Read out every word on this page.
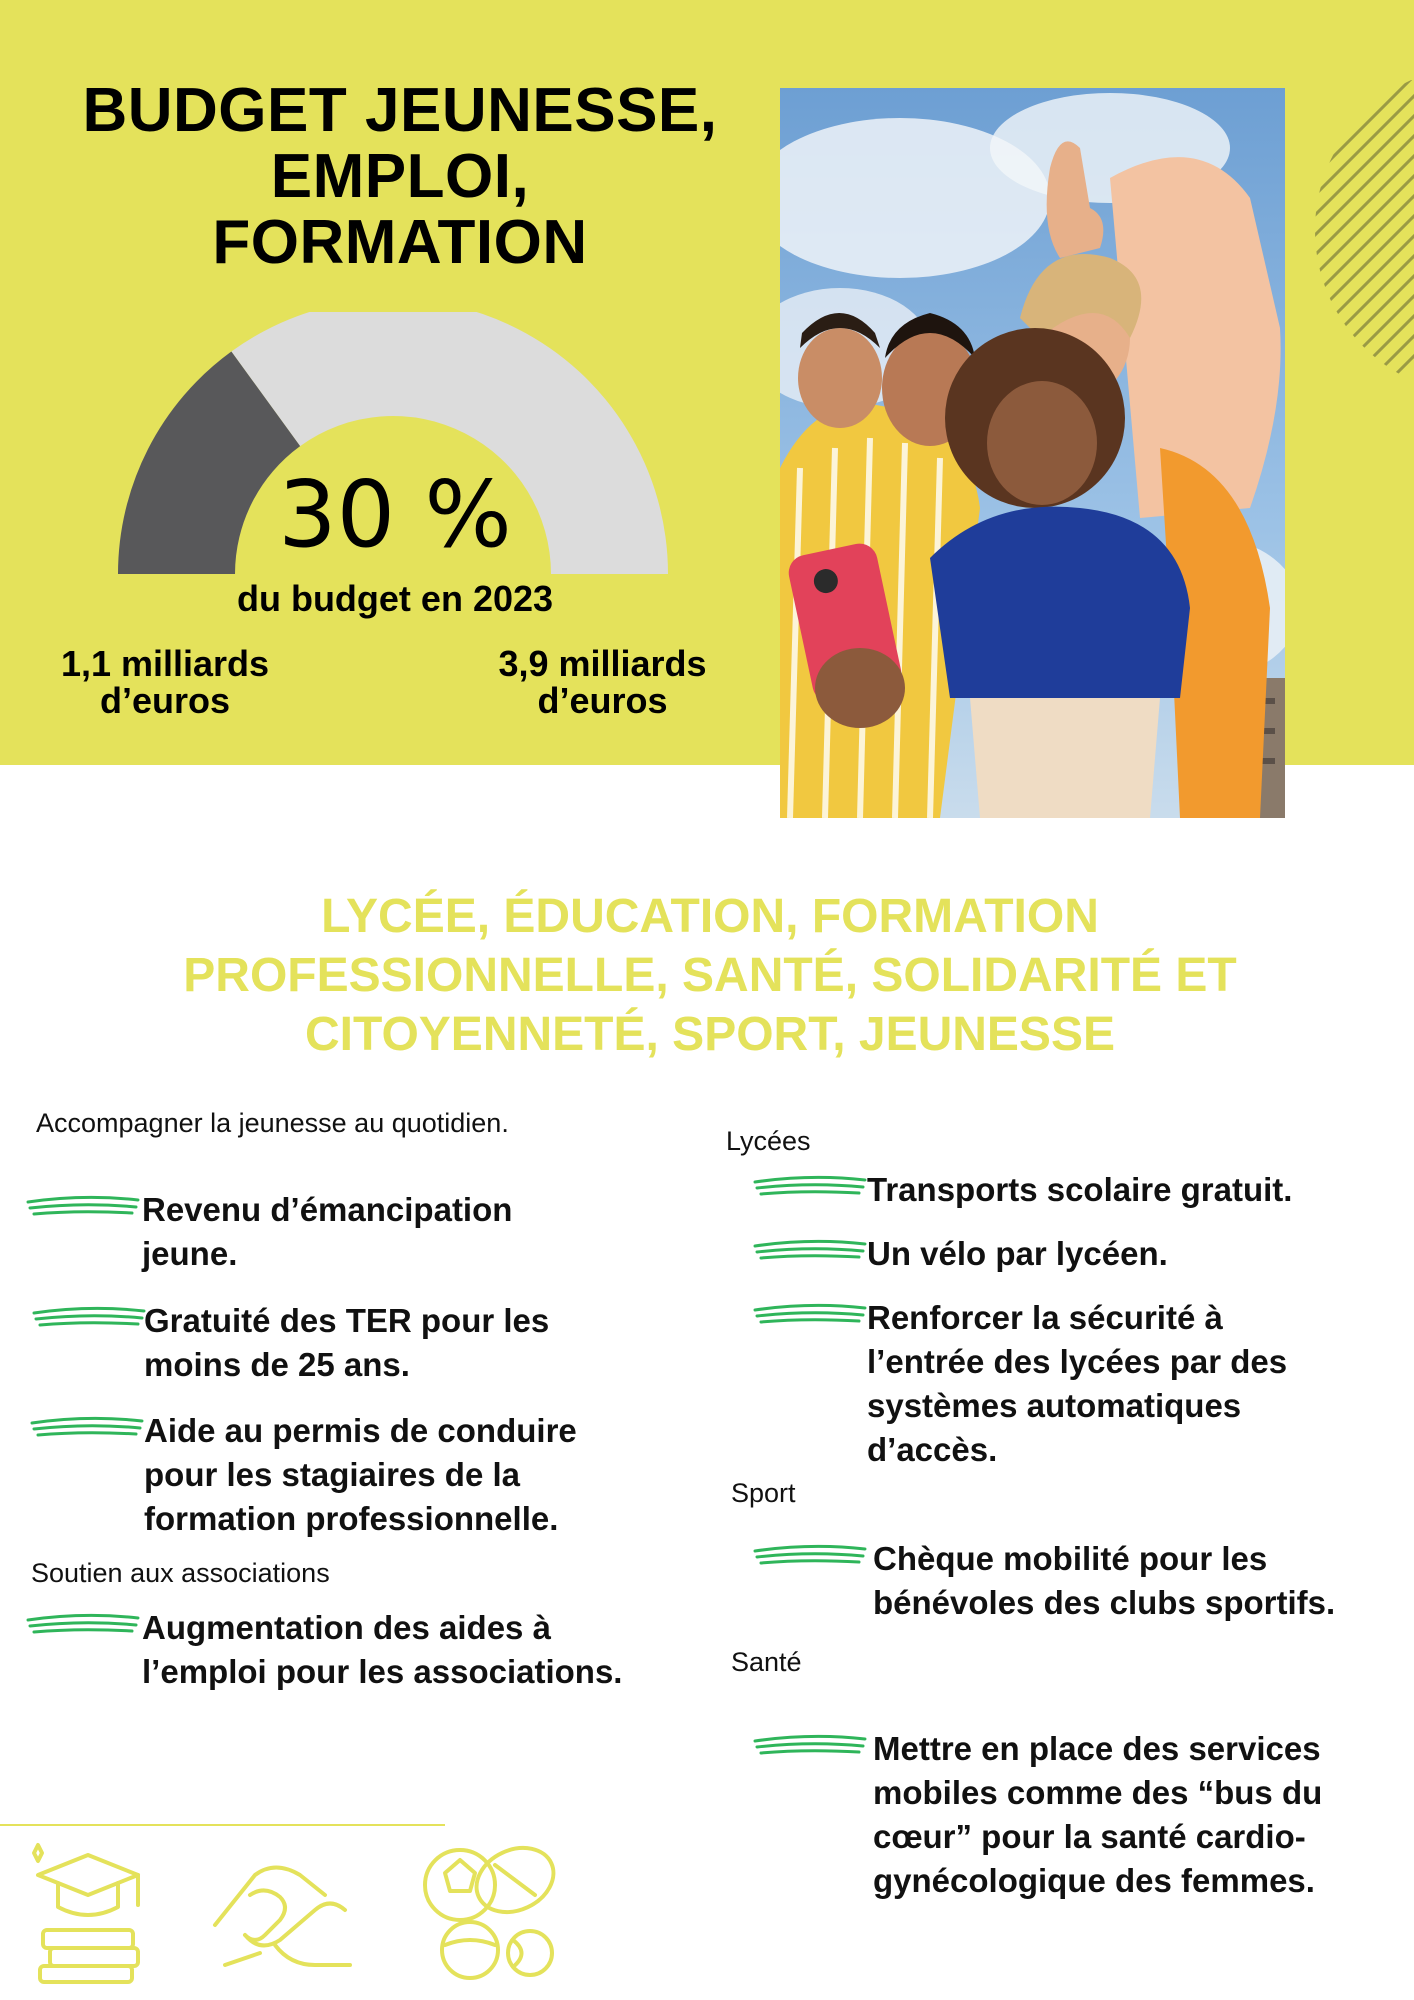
BUDGET JEUNESSE,
EMPLOI,
FORMATION
30 %
du budget en 2023
1,1 milliards
d’euros
3,9 milliards
d’euros
LYCÉE, ÉDUCATION, FORMATION
PROFESSIONNELLE, SANTÉ, SOLIDARITÉ ET
CITOYENNETÉ, SPORT, JEUNESSE
Accompagner la jeunesse au quotidien.
Revenu d’émancipation
jeune.
Gratuité des TER pour les
moins de 25 ans.
Aide au permis de conduire
pour les stagiaires de la
formation professionnelle.
Soutien aux associations
Augmentation des aides à
l’emploi pour les associations.
Lycées
Transports scolaire gratuit.
Un vélo par lycéen.
Renforcer la sécurité à
l’entrée des lycées par des
systèmes automatiques
d’accès.
Sport
Chèque mobilité pour les
bénévoles des clubs sportifs.
Santé
Mettre en place des services
mobiles comme des “bus du
cœur” pour la santé cardio-
gynécologique des femmes.
